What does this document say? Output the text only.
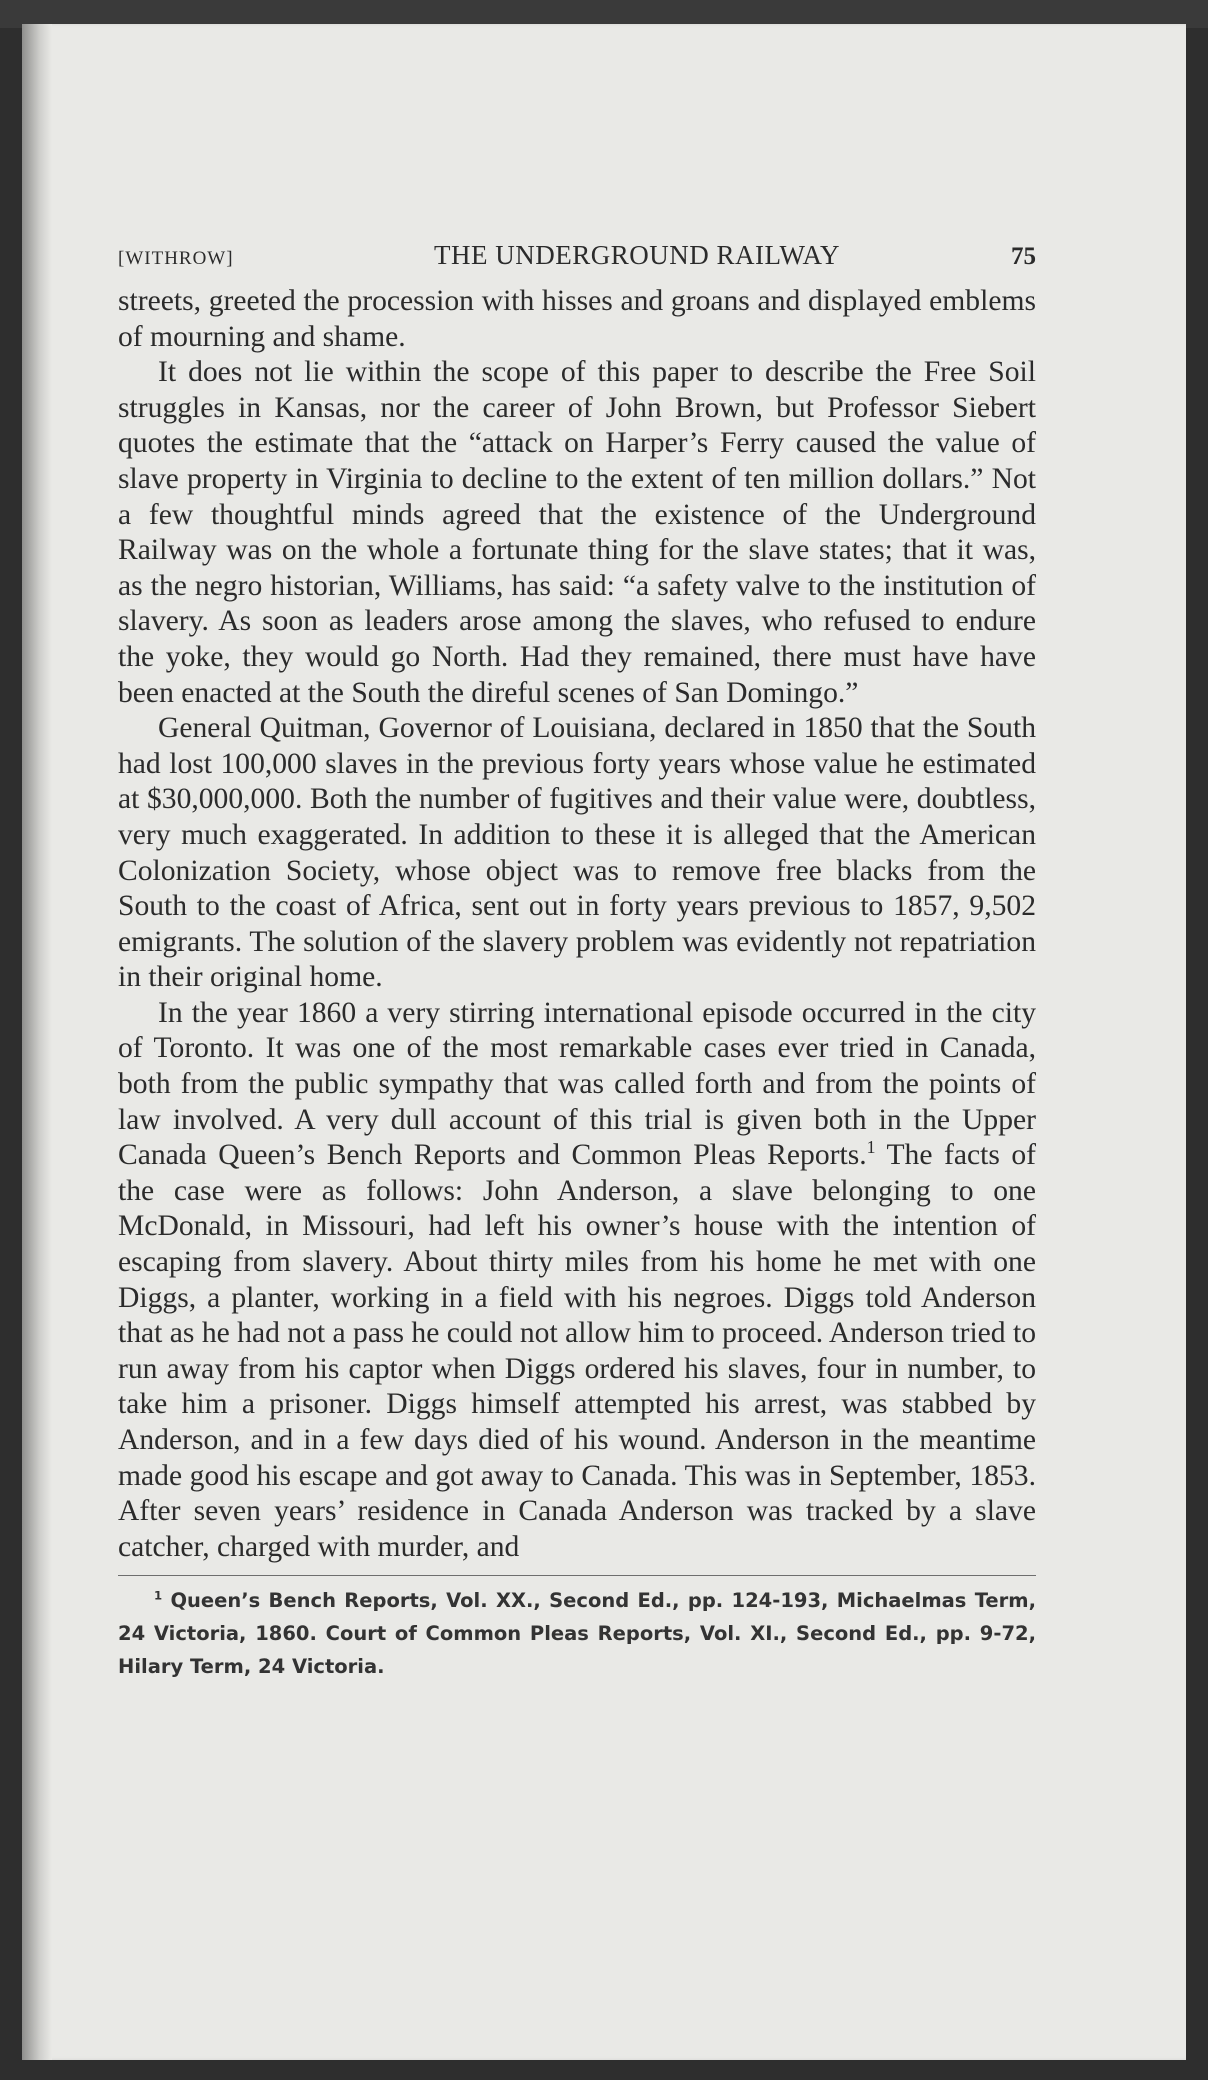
[WITHROW]	THE UNDERGROUND RAILWAY	75

streets, greeted the procession with hisses and groans and displayed emblems of mourning and shame.

It does not lie within the scope of this paper to describe the Free Soil struggles in Kansas, nor the career of John Brown, but Professor Siebert quotes the estimate that the “attack on Harper’s Ferry caused the value of slave property in Virginia to decline to the extent of ten million dollars.” Not a few thoughtful minds agreed that the existence of the Underground Railway was on the whole a fortunate thing for the slave states; that it was, as the negro historian, Williams, has said: “a safety valve to the institution of slavery. As soon as leaders arose among the slaves, who refused to endure the yoke, they would go North. Had they remained, there must have have been enacted at the South the direful scenes of San Domingo.”

General Quitman, Governor of Louisiana, declared in 1850 that the South had lost 100,000 slaves in the previous forty years whose value he estimated at $30,000,000. Both the number of fugitives and their value were, doubtless, very much exaggerated. In addition to these it is alleged that the American Colonization Society, whose object was to remove free blacks from the South to the coast of Africa, sent out in forty years previous to 1857, 9,502 emigrants. The solution of the slavery problem was evidently not repatriation in their original home.

In the year 1860 a very stirring international episode occurred in the city of Toronto. It was one of the most remarkable cases ever tried in Canada, both from the public sympathy that was called forth and from the points of law involved. A very dull account of this trial is given both in the Upper Canada Queen’s Bench Reports and Common Pleas Reports.$^1$ The facts of the case were as follows: John Anderson, a slave belonging to one McDonald, in Missouri, had left his owner’s house with the intention of escaping from slavery. About thirty miles from his home he met with one Diggs, a planter, working in a field with his negroes. Diggs told Anderson that as he had not a pass he could not allow him to proceed. Anderson tried to run away from his captor when Diggs ordered his slaves, four in number, to take him a prisoner. Diggs himself attempted his arrest, was stabbed by Anderson, and in a few days died of his wound. Anderson in the meantime made good his escape and got away to Canada. This was in September, 1853. After seven years’ residence in Canada Anderson was tracked by a slave catcher, charged with murder, and

$^1$ Queen’s Bench Reports, Vol. XX., Second Ed., pp. 124-193, Michaelmas Term, 24 Victoria, 1860. Court of Common Pleas Reports, Vol. XI., Second Ed., pp. 9-72, Hilary Term, 24 Victoria.
